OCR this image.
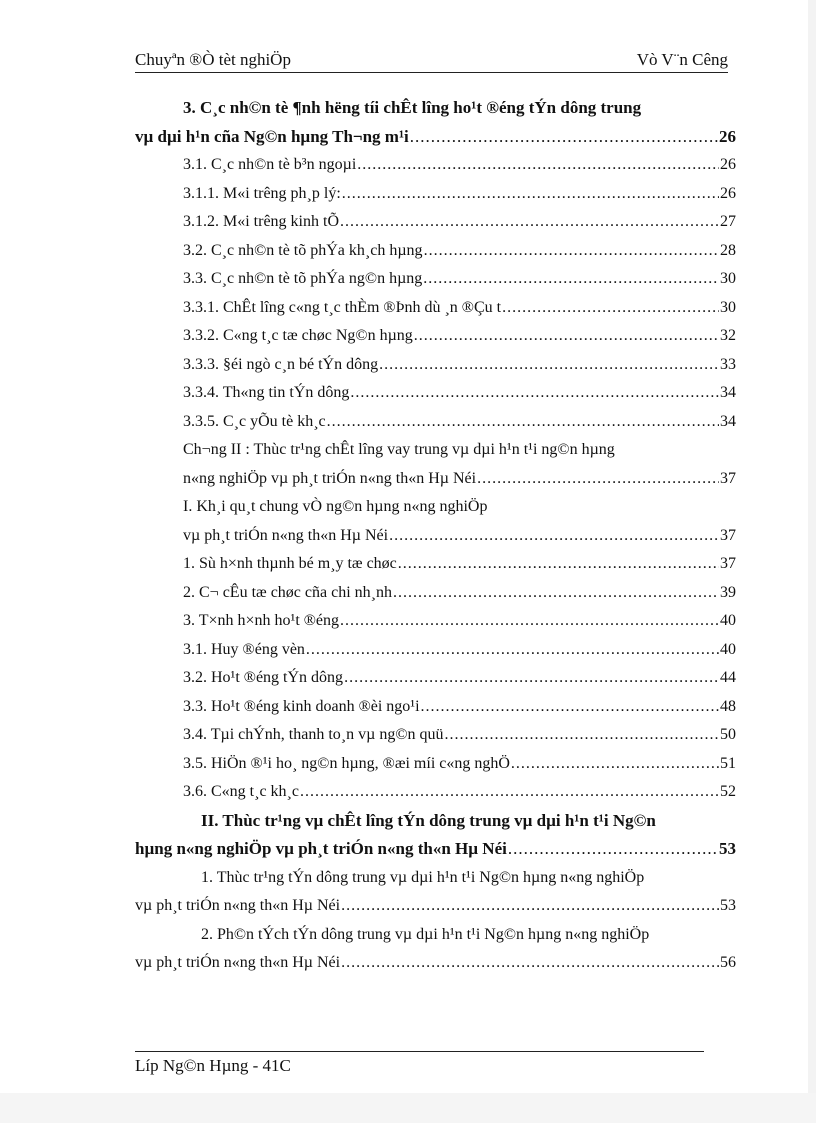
Chuyªn ®Ò tèt nghiÖp	Vò V¨n Cêng
3. C¸c nh©n tè ¶nh hëng tíi chÊt lîng ho¹t ®éng tÝn dông trung
vµ dµi h¹n cña Ng©n hµng Th¬ng m¹i .....	26
3.1. C¸c nh©n tè b³n ngoµi .....	26
3.1.1. M«i trêng ph¸p lý: .....	26
3.1.2. M«i trêng kinh tÕ .....	27
3.2. C¸c nh©n tè tõ phÝa kh¸ch hµng .....	28
3.3. C¸c nh©n tè tõ phÝa ng©n hµng .....	30
3.3.1. ChÊt lîng c«ng t¸c thÈm ®Þnh dù ¸n ®Çu t .....	30
3.3.2. C«ng t¸c tæ chøc Ng©n hµng .....	32
3.3.3. §éi ngò c¸n bé tÝn dông .....	33
3.3.4. Th«ng tin tÝn dông .....	34
3.3.5. C¸c yÕu tè kh¸c .....	34
Ch¬ng II : Thùc tr¹ng chÊt lîng vay trung vµ dµi h¹n t¹i ng©n hµng
n«ng nghiÖp vµ ph¸t triÓn n«ng th«n Hµ Néi .....	37
I. Kh¸i qu¸t chung vÒ ng©n hµng n«ng nghiÖp
vµ ph¸t triÓn n«ng th«n Hµ Néi .....	37
1. Sù h×nh thµnh bé m¸y tæ chøc .....	37
2. C¬ cÊu tæ chøc cña chi nh¸nh .....	39
3. T×nh h×nh ho¹t ®éng .....	40
3.1. Huy ®éng vèn .....	40
3.2. Ho¹t ®éng tÝn dông .....	44
3.3. Ho¹t ®éng kinh doanh ®èi ngo¹i .....	48
3.4. Tµi chÝnh, thanh to¸n vµ ng©n quü .....	50
3.5. HiÖn ®¹i ho¸ ng©n hµng, ®æi míi c«ng nghÖ .....	51
3.6. C«ng t¸c kh¸c .....	52
II. Thùc tr¹ng vµ chÊt lîng tÝn dông trung vµ dµi h¹n t¹i Ng©n
hµng n«ng nghiÖp vµ ph¸t triÓn n«ng th«n Hµ Néi .....	53
1. Thùc tr¹ng tÝn dông trung vµ dµi h¹n t¹i Ng©n hµng n«ng nghiÖp
vµ ph¸t triÓn n«ng th«n Hµ Néi .....	53
2. Ph©n tÝch tÝn dông trung vµ dµi h¹n t¹i Ng©n hµng n«ng nghiÖp
vµ ph¸t triÓn n«ng th«n Hµ Néi .....	56
Líp Ng©n Hµng - 41C
